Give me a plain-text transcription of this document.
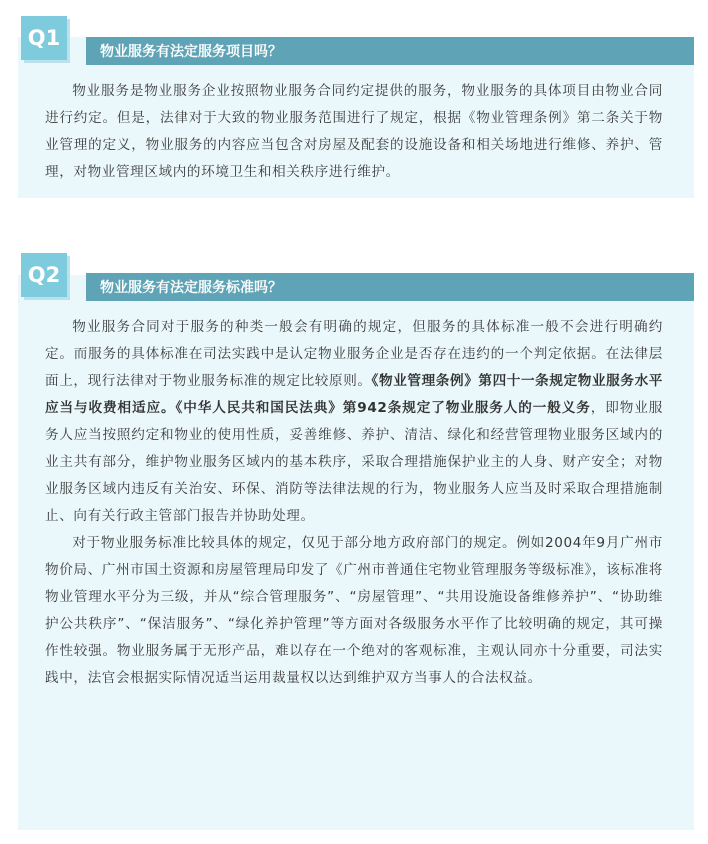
Q1
物业服务有法定服务项目吗？

物业服务是物业服务企业按照物业服务合同约定提供的服务，物业服务的具体项目由物业合同进行约定。但是，法律对于大致的物业服务范围进行了规定，根据《物业管理条例》第二条关于物业管理的定义，物业服务的内容应当包含对房屋及配套的设施设备和相关场地进行维修、养护、管理，对物业管理区域内的环境卫生和相关秩序进行维护。

Q2
物业服务有法定服务标准吗？

物业服务合同对于服务的种类一般会有明确的规定，但服务的具体标准一般不会进行明确约定。而服务的具体标准在司法实践中是认定物业服务企业是否存在违约的一个判定依据。在法律层面上，现行法律对于物业服务标准的规定比较原则。《物业管理条例》第四十一条规定物业服务水平应当与收费相适应。《中华人民共和国民法典》第942条规定了物业服务人的一般义务，即物业服务人应当按照约定和物业的使用性质，妥善维修、养护、清洁、绿化和经营管理物业服务区域内的业主共有部分，维护物业服务区域内的基本秩序，采取合理措施保护业主的人身、财产安全；对物业服务区域内违反有关治安、环保、消防等法律法规的行为，物业服务人应当及时采取合理措施制止、向有关行政主管部门报告并协助处理。

对于物业服务标准比较具体的规定，仅见于部分地方政府部门的规定。例如2004年9月广州市物价局、广州市国土资源和房屋管理局印发了《广州市普通住宅物业管理服务等级标准》，该标准将物业管理水平分为三级，并从“综合管理服务”、“房屋管理”、“共用设施设备维修养护”、“协助维护公共秩序”、“保洁服务”、“绿化养护管理”等方面对各级服务水平作了比较明确的规定，其可操作性较强。物业服务属于无形产品，难以存在一个绝对的客观标准，主观认同亦十分重要，司法实践中，法官会根据实际情况适当运用裁量权以达到维护双方当事人的合法权益。
